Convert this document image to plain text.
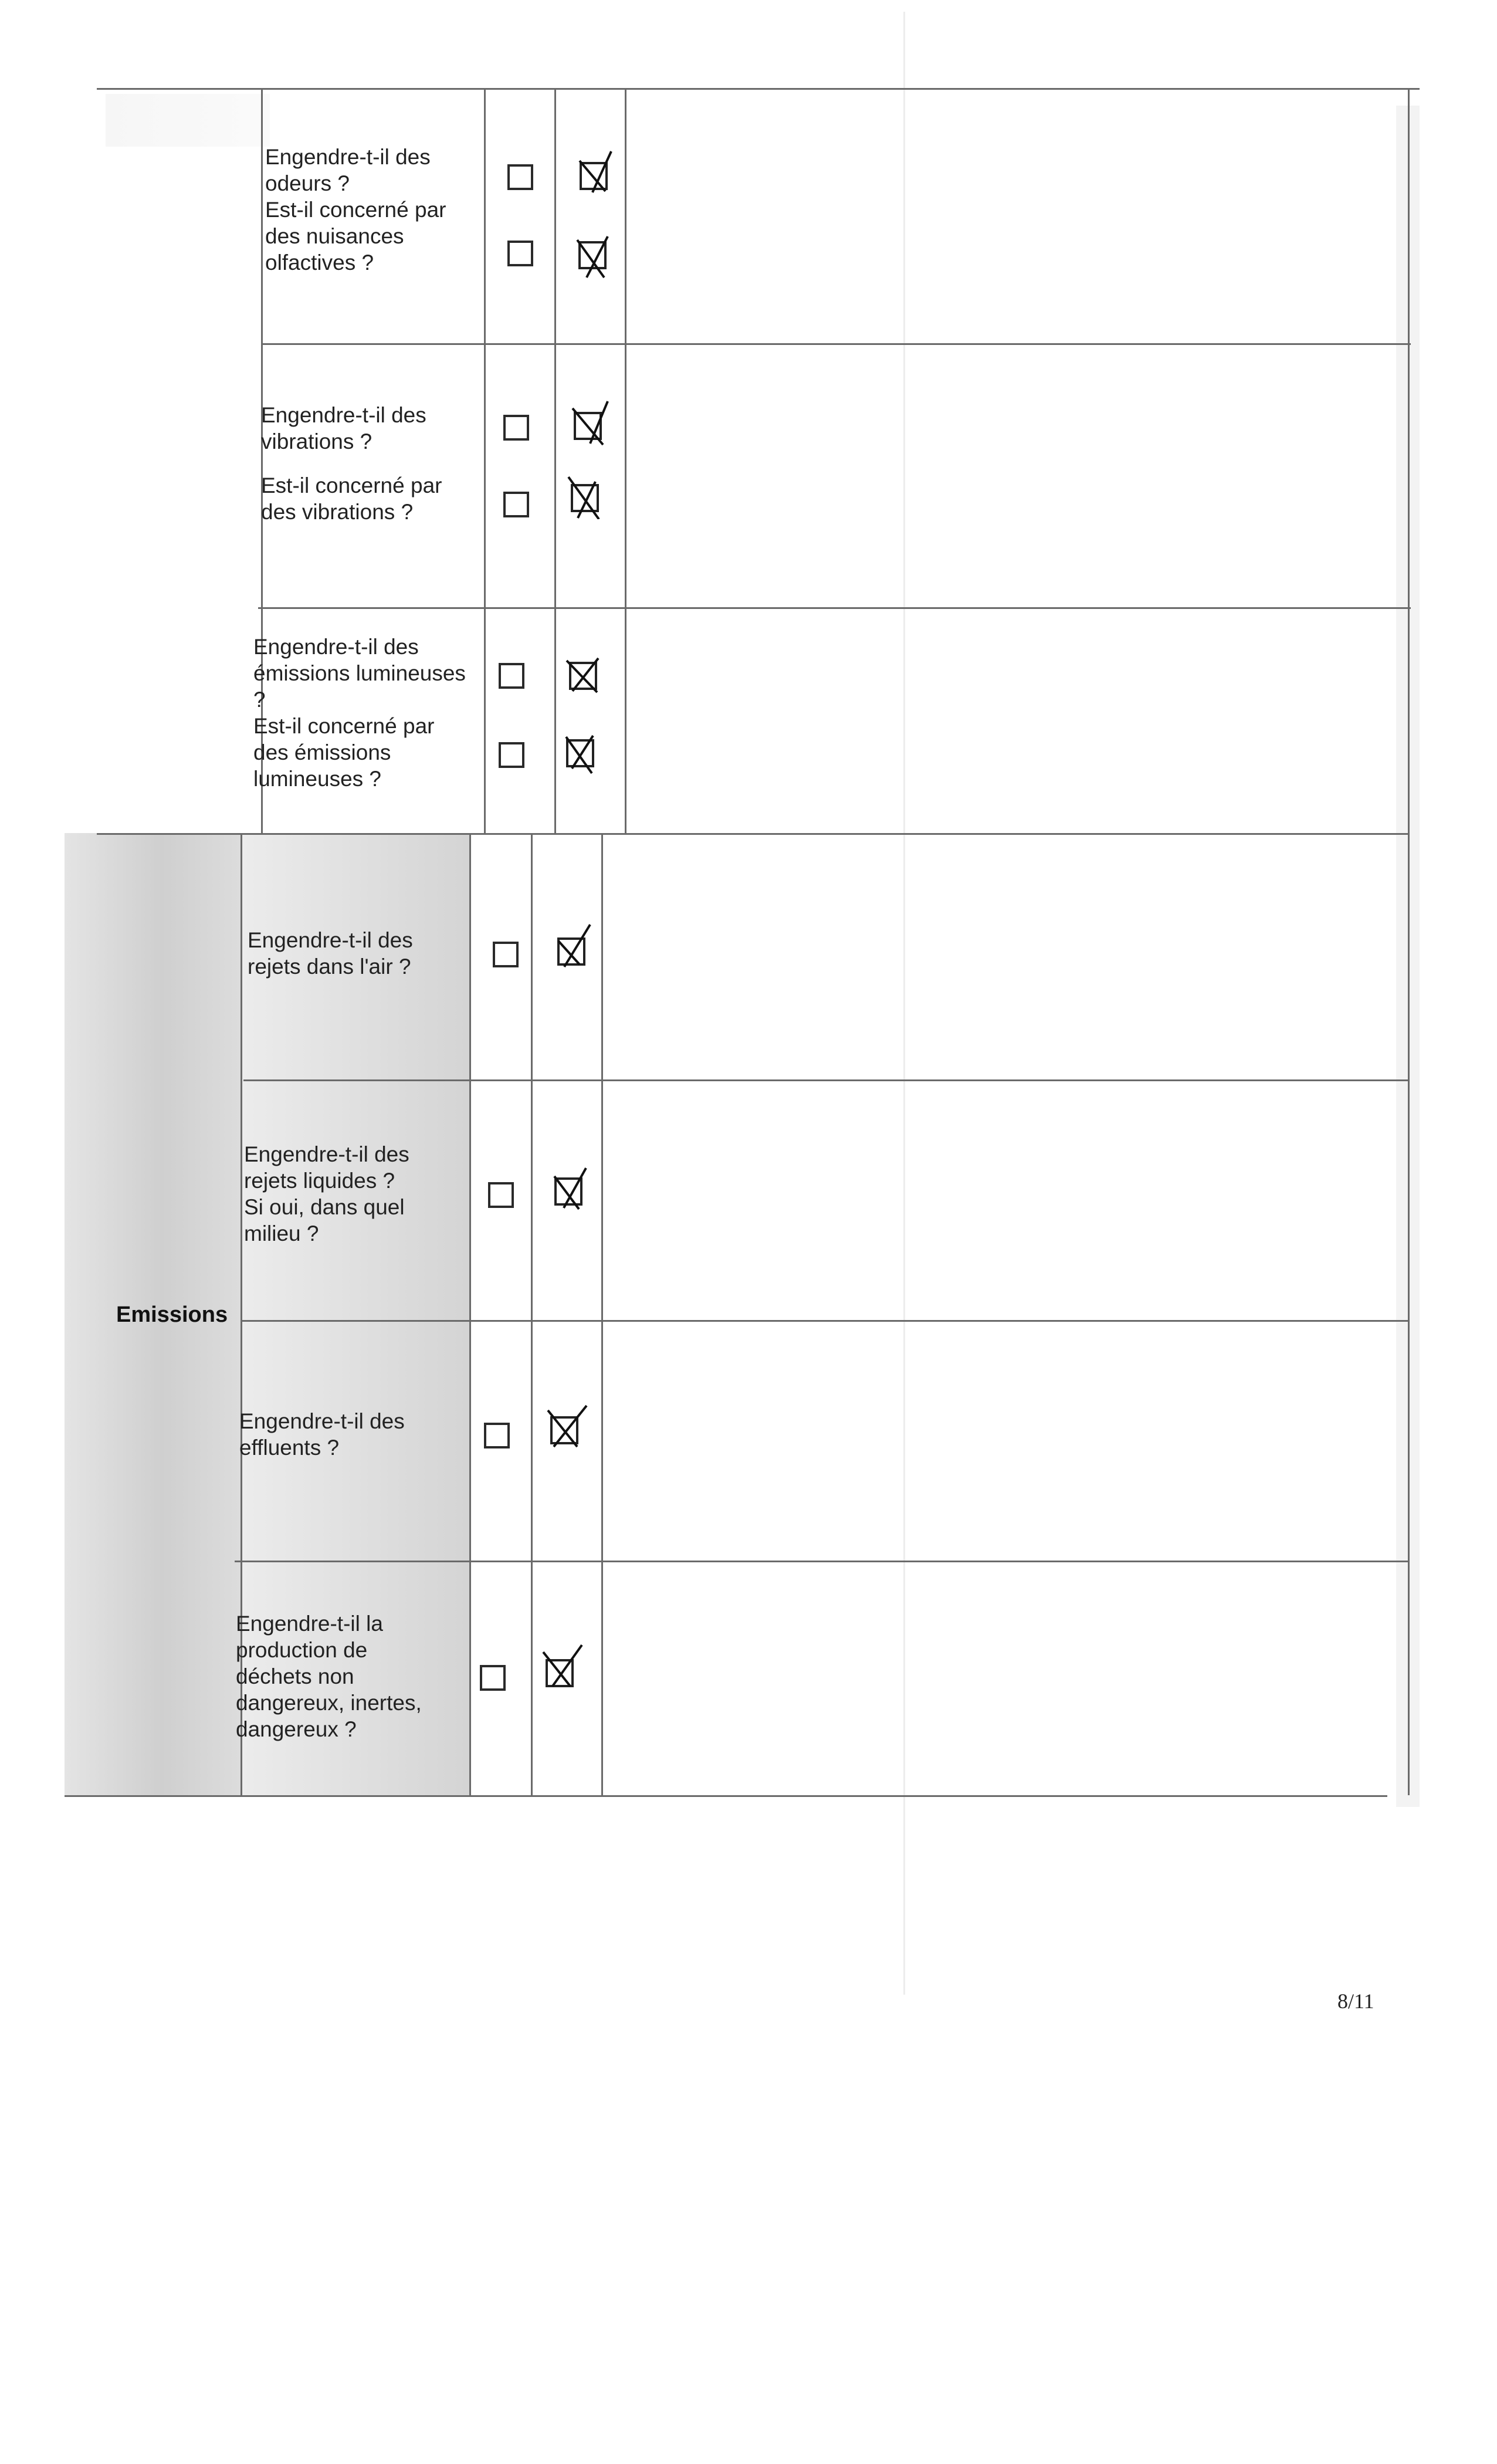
Engendre-t-il des
odeurs ?
Est-il concerné par
des nuisances
olfactives ?
Engendre-t-il des
vibrations ?
Est-il concerné par
des vibrations ?
Engendre-t-il des
émissions lumineuses
?
Est-il concerné par
des émissions
lumineuses ?
Engendre-t-il des
rejets dans l'air ?
Engendre-t-il des
rejets liquides ?
Si oui, dans quel
milieu ?
Engendre-t-il des
effluents ?
Engendre-t-il la
production de
déchets non
dangereux, inertes,
dangereux ?
Emissions
8/11
